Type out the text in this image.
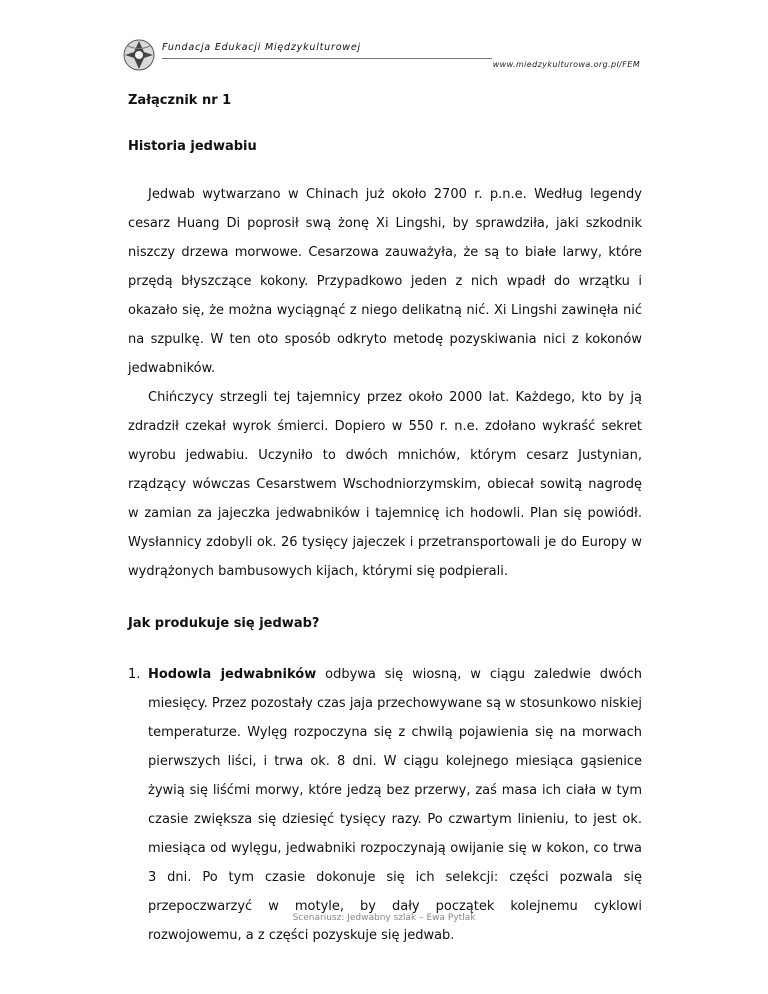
Fundacja Edukacji Międzykulturowej
www.miedzykulturowa.org.pl/FEM

Załącznik nr 1

Historia jedwabiu

Jedwab wytwarzano w Chinach już około 2700 r. p.n.e. Według legendy cesarz Huang Di poprosił swą żonę Xi Lingshi, by sprawdziła, jaki szkodnik niszczy drzewa morwowe. Cesarzowa zauważyła, że są to białe larwy, które przędą błyszczące kokony. Przypadkowo jeden z nich wpadł do wrzątku i okazało się, że można wyciągnąć z niego delikatną nić. Xi Lingshi zawinęła nić na szpulkę. W ten oto sposób odkryto metodę pozyskiwania nici z kokonów jedwabników.

Chińczycy strzegli tej tajemnicy przez około 2000 lat. Każdego, kto by ją zdradził czekał wyrok śmierci. Dopiero w 550 r. n.e. zdołano wykraść sekret wyrobu jedwabiu. Uczyniło to dwóch mnichów, którym cesarz Justynian, rządzący wówczas Cesarstwem Wschodniorzymskim, obiecał sowitą nagrodę w zamian za jajeczka jedwabników i tajemnicę ich hodowli. Plan się powiódł. Wysłannicy zdobyli ok. 26 tysięcy jajeczek i przetransportowali je do Europy w wydrążonych bambusowych kijach, którymi się podpierali.

Jak produkuje się jedwab?

1. Hodowla jedwabników odbywa się wiosną, w ciągu zaledwie dwóch miesięcy. Przez pozostały czas jaja przechowywane są w stosunkowo niskiej temperaturze. Wylęg rozpoczyna się z chwilą pojawienia się na morwach pierwszych liści, i trwa ok. 8 dni. W ciągu kolejnego miesiąca gąsienice żywią się liśćmi morwy, które jedzą bez przerwy, zaś masa ich ciała w tym czasie zwiększa się dziesięć tysięcy razy. Po czwartym linieniu, to jest ok. miesiąca od wylęgu, jedwabniki rozpoczynają owijanie się w kokon, co trwa 3 dni. Po tym czasie dokonuje się ich selekcji: części pozwala się przepoczwarzyć w motyle, by dały początek kolejnemu cyklowi rozwojowemu, a z części pozyskuje się jedwab.
Scenariusz: Jedwabny szlak – Ewa Pytlak
